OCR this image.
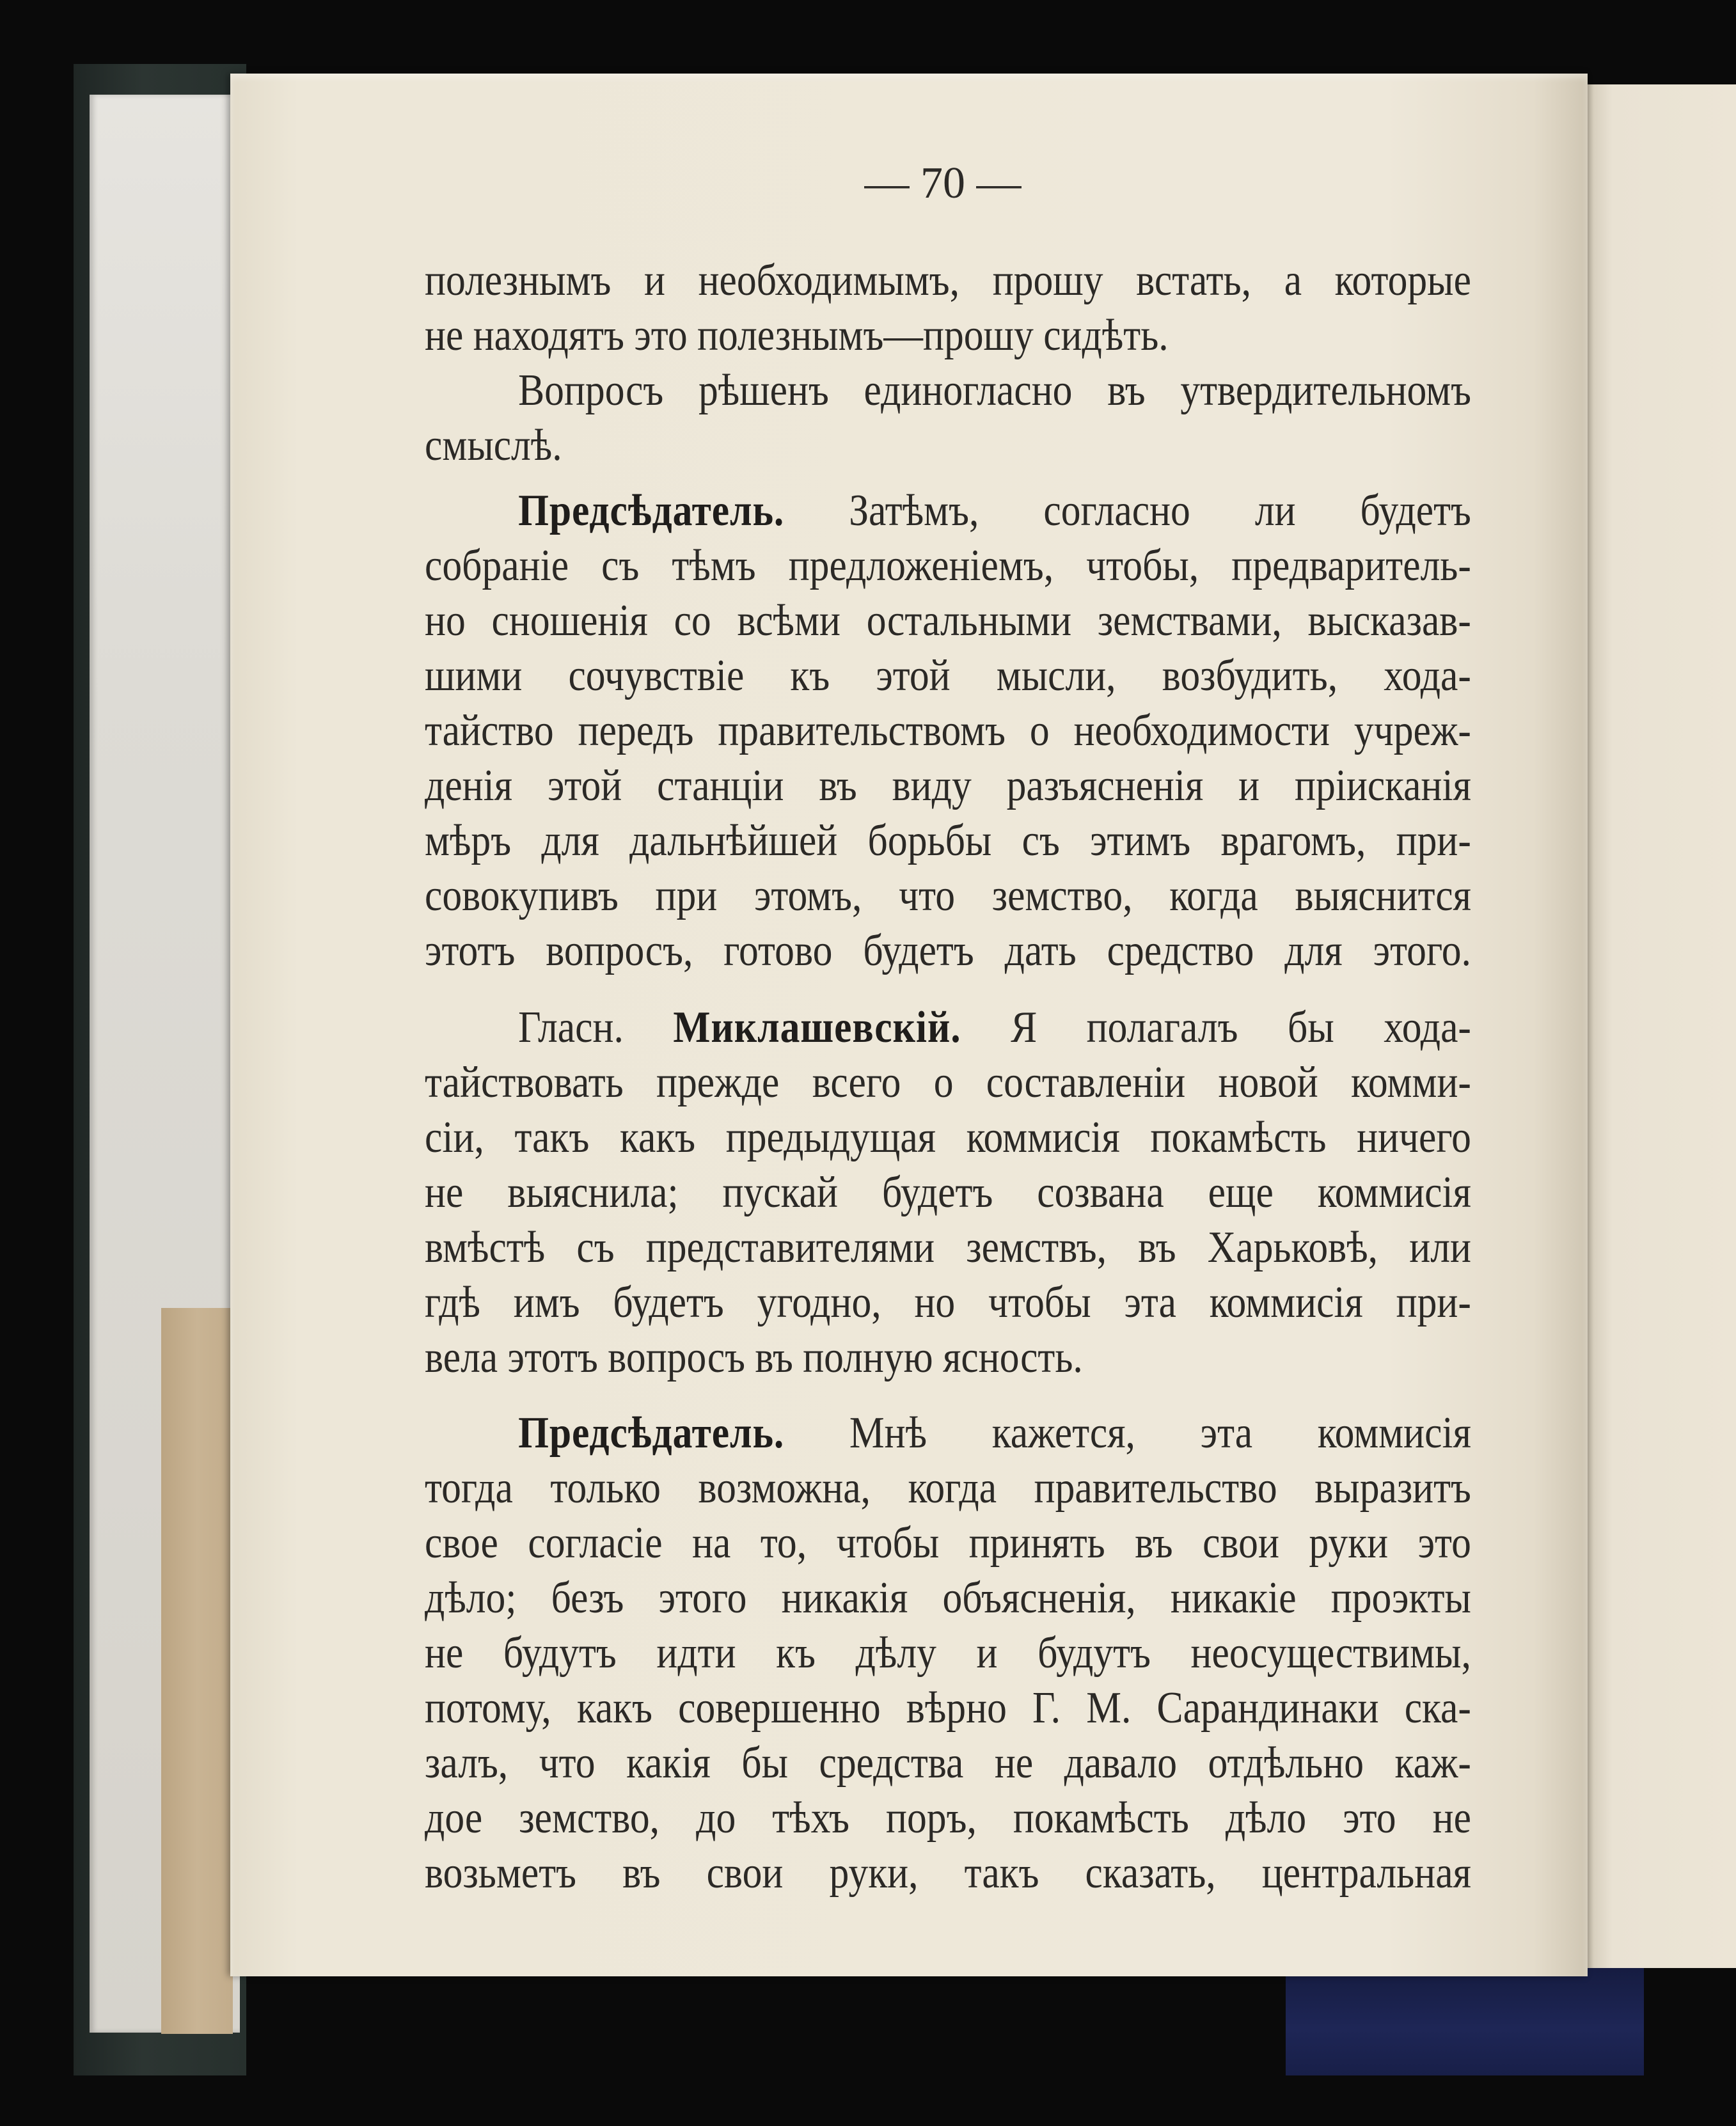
— 70 —
полезнымъ и необходимымъ, прошу встать, а которые
не находятъ это полезнымъ—прошу сидѣть.
Вопросъ рѣшенъ единогласно въ утвердительномъ
смыслѣ.
Предсѣдатель. Затѣмъ, согласно ли будетъ
собраніе съ тѣмъ предложеніемъ, чтобы, предваритель-
но сношенія со всѣми остальными земствами, высказав-
шими сочувствіе къ этой мысли, возбудить, хода-
тайство передъ правительствомъ о необходимости учреж-
денія этой станціи въ виду разъясненія и пріисканія
мѣръ для дальнѣйшей борьбы съ этимъ врагомъ, при-
совокупивъ при этомъ, что земство, когда выяснится
этотъ вопросъ, готово будетъ дать средство для этого.
Гласн. Миклашевскій. Я полагалъ бы хода-
тайствовать прежде всего о составленіи новой комми-
сіи, такъ какъ предыдущая коммисія покамѣсть ничего
не выяснила; пускай будетъ созвана еще коммисія
вмѣстѣ съ представителями земствъ, въ Харьковѣ, или
гдѣ имъ будетъ угодно, но чтобы эта коммисія при-
вела этотъ вопросъ въ полную ясность.
Предсѣдатель. Мнѣ кажется, эта коммисія
тогда только возможна, когда правительство выразитъ
свое согласіе на то, чтобы принять въ свои руки это
дѣло; безъ этого никакія объясненія, никакіе проэкты
не будутъ идти къ дѣлу и будутъ неосуществимы,
потому, какъ совершенно вѣрно Г. М. Сарандинаки ска-
залъ, что какія бы средства не давало отдѣльно каж-
дое земство, до тѣхъ поръ, покамѣсть дѣло это не
возьметъ въ свои руки, такъ сказать, центральная
